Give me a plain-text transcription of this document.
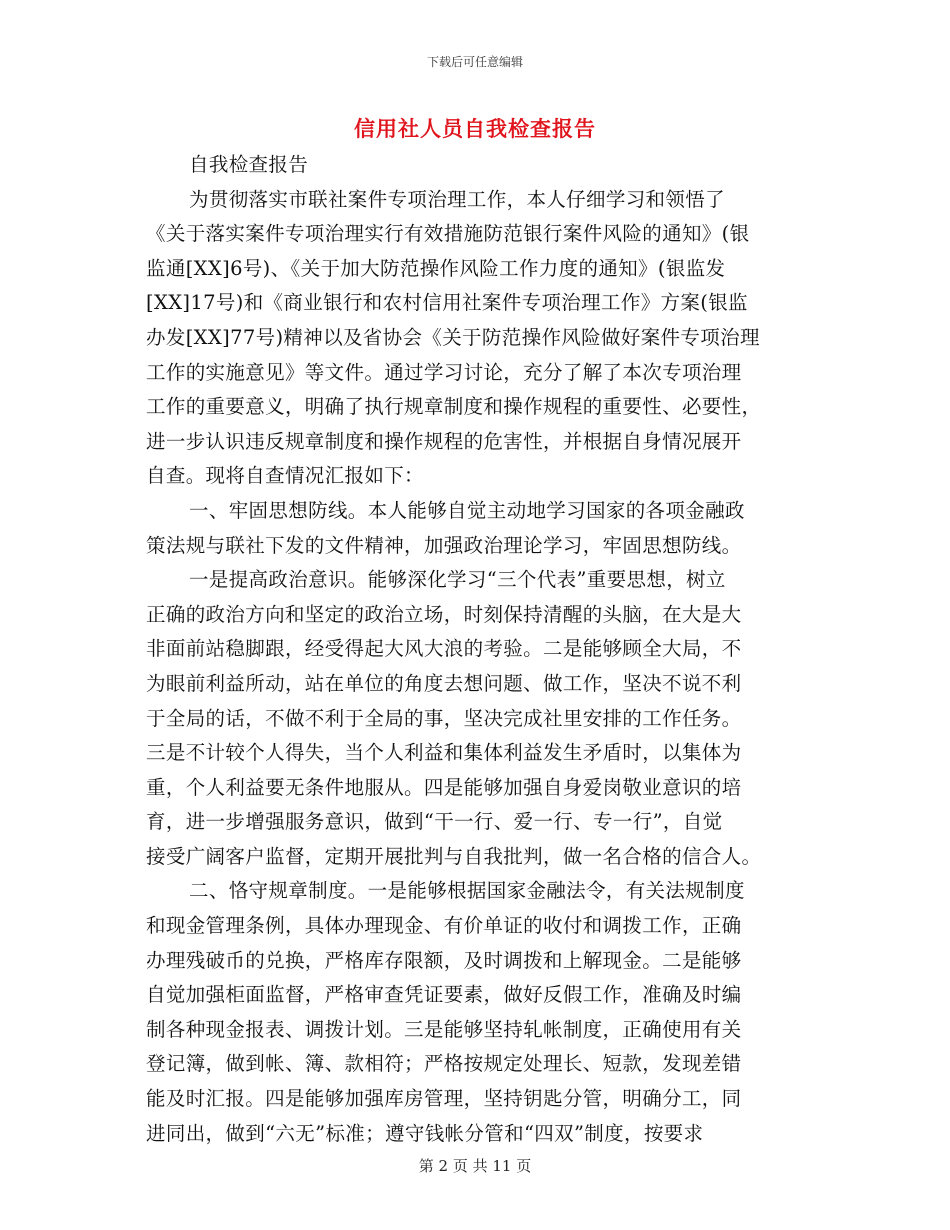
下载后可任意编辑
信用社人员自我检查报告
自我检查报告
为贯彻落实市联社案件专项治理工作，本人仔细学习和领悟了
《关于落实案件专项治理实行有效措施防范银行案件风险的通知》(银
监通[XX]6号)、《关于加大防范操作风险工作力度的通知》(银监发
[XX]17号)和《商业银行和农村信用社案件专项治理工作》方案(银监
办发[XX]77号)精神以及省协会《关于防范操作风险做好案件专项治理
工作的实施意见》等文件。通过学习讨论，充分了解了本次专项治理
工作的重要意义，明确了执行规章制度和操作规程的重要性、必要性，
进一步认识违反规章制度和操作规程的危害性，并根据自身情况展开
自查。现将自查情况汇报如下：
一、牢固思想防线。本人能够自觉主动地学习国家的各项金融政
策法规与联社下发的文件精神，加强政治理论学习，牢固思想防线。
一是提高政治意识。能够深化学习“三个代表”重要思想，树立
正确的政治方向和坚定的政治立场，时刻保持清醒的头脑，在大是大
非面前站稳脚跟，经受得起大风大浪的考验。二是能够顾全大局，不
为眼前利益所动，站在单位的角度去想问题、做工作，坚决不说不利
于全局的话，不做不利于全局的事，坚决完成社里安排的工作任务。
三是不计较个人得失，当个人利益和集体利益发生矛盾时，以集体为
重，个人利益要无条件地服从。四是能够加强自身爱岗敬业意识的培
育，进一步增强服务意识，做到“干一行、爱一行、专一行”，自觉
接受广阔客户监督，定期开展批判与自我批判，做一名合格的信合人。
二、恪守规章制度。一是能够根据国家金融法令，有关法规制度
和现金管理条例，具体办理现金、有价单证的收付和调拨工作，正确
办理残破币的兑换，严格库存限额，及时调拨和上解现金。二是能够
自觉加强柜面监督，严格审查凭证要素，做好反假工作，准确及时编
制各种现金报表、调拨计划。三是能够坚持轧帐制度，正确使用有关
登记簿，做到帐、簿、款相符；严格按规定处理长、短款，发现差错
能及时汇报。四是能够加强库房管理，坚持钥匙分管，明确分工，同
进同出，做到“六无”标准；遵守钱帐分管和“四双”制度，按要求
第 2 页 共 11 页
